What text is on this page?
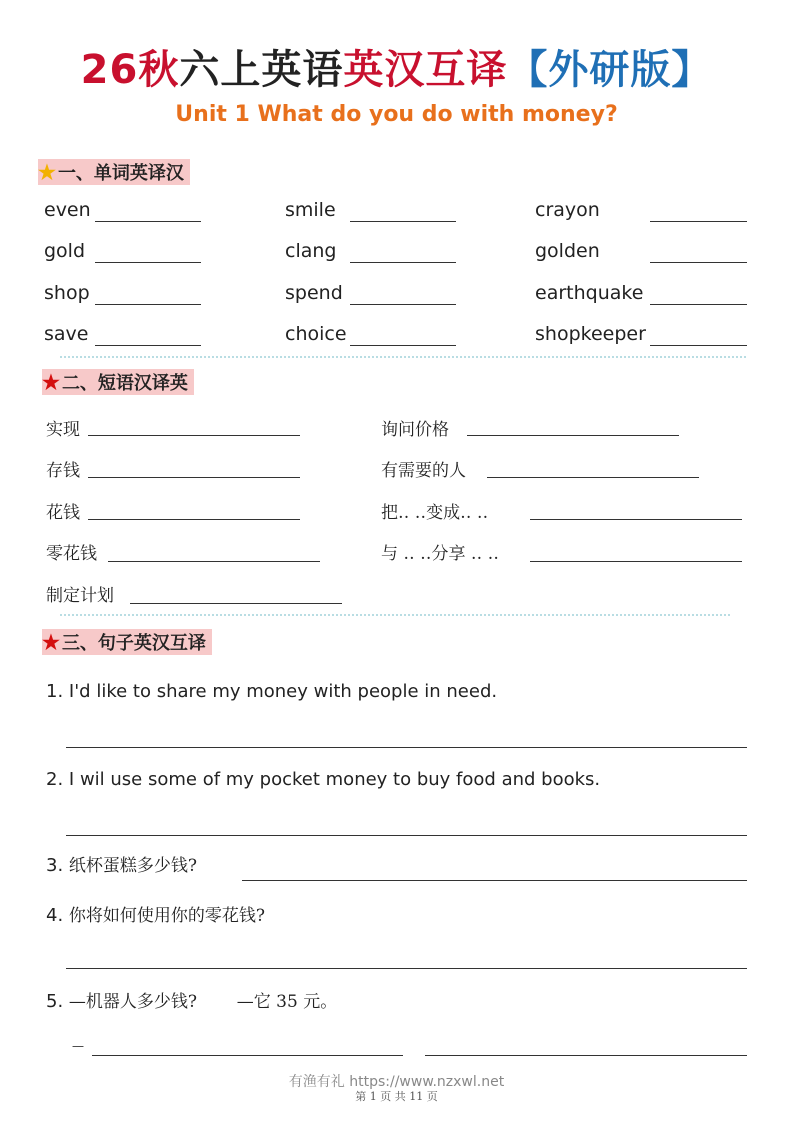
26秋六上英语英汉互译【外研版】
Unit 1 What do you do with money?
★ 一、单词英译汉
even	smile	crayon
gold	clang	golden
shop	spend	earthquake
save	choice	shopkeeper
★ 二、短语汉译英
实现	询问价格
存钱	有需要的人
花钱	把‥ ‥变成‥ ‥
零花钱	与 ‥ ‥分享 ‥ ‥
制定计划
★ 三、句子英汉互译
1. I'd like to share my money with people in need.
2. I wil use some of my pocket money to buy food and books.
3. 纸杯蛋糕多少钱?
4. 你将如何使用你的零花钱?
5. —机器人多少钱? —它 35 元。
—
有渔有礼 https://www.nzxwl.net
第 1 页 共 11 页
